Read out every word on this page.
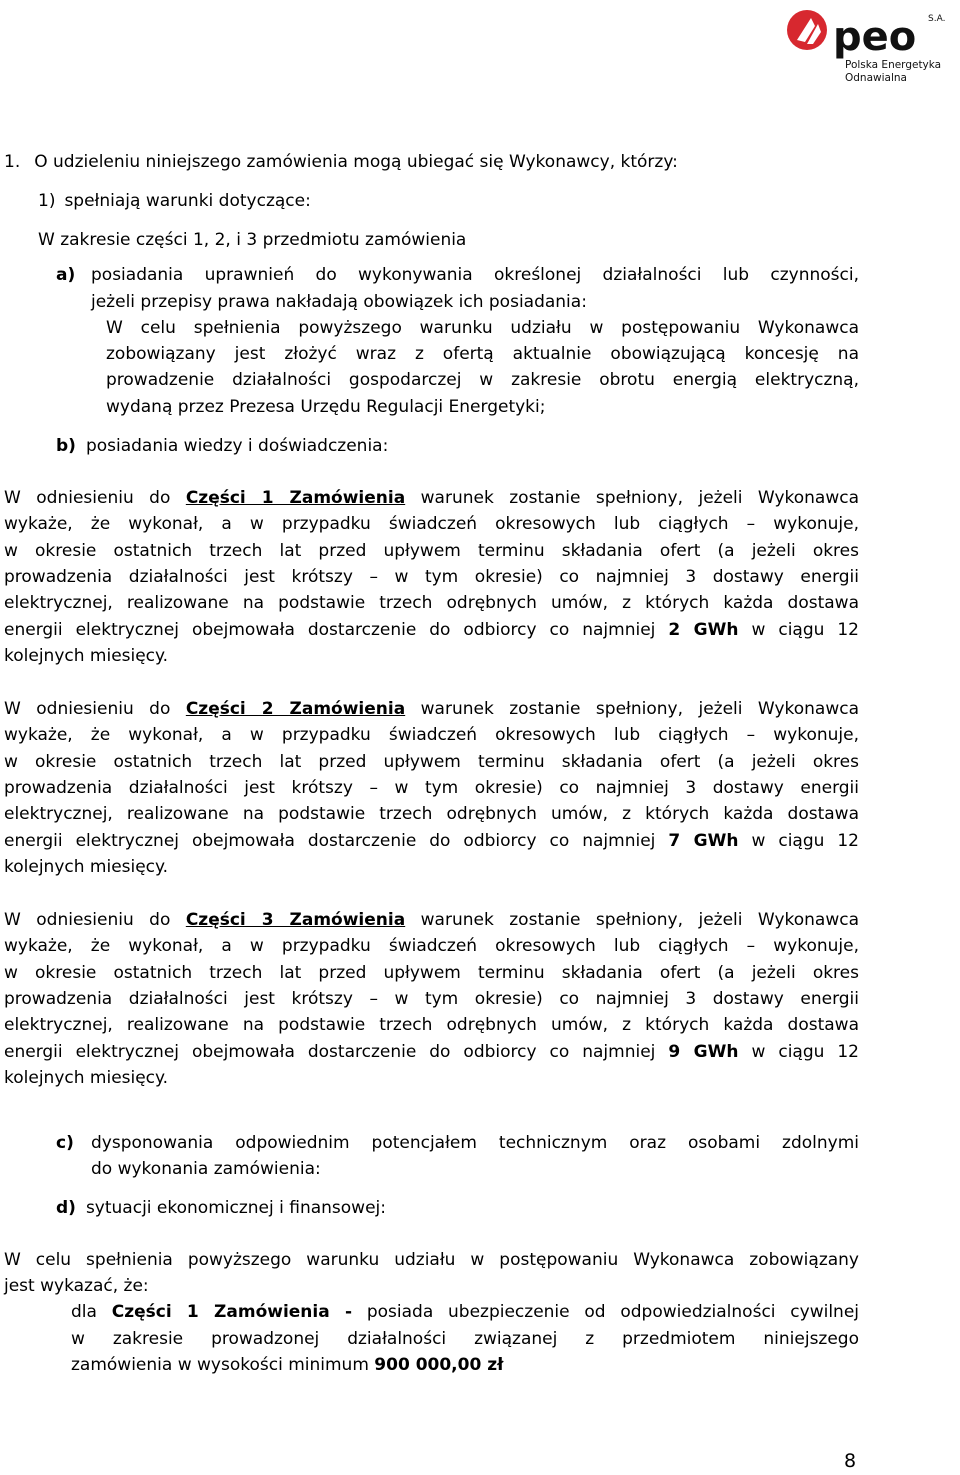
peo S.A.
Polska Energetyka
Odnawialna
1. O udzieleniu niniejszego zamówienia mogą ubiegać się Wykonawcy, którzy:
1) spełniają warunki dotyczące:
W zakresie części 1, 2, i 3 przedmiotu zamówienia
a) posiadania uprawnień do wykonywania określonej działalności lub czynności,
jeżeli przepisy prawa nakładają obowiązek ich posiadania:
W celu spełnienia powyższego warunku udziału w postępowaniu Wykonawca
zobowiązany jest złożyć wraz z ofertą aktualnie obowiązującą koncesję na
prowadzenie działalności gospodarczej w zakresie obrotu energią elektryczną,
wydaną przez Prezesa Urzędu Regulacji Energetyki;
b) posiadania wiedzy i doświadczenia:
W odniesieniu do Części 1 Zamówienia warunek zostanie spełniony, jeżeli Wykonawca
wykaże, że wykonał, a w przypadku świadczeń okresowych lub ciągłych – wykonuje,
w okresie ostatnich trzech lat przed upływem terminu składania ofert (a jeżeli okres
prowadzenia działalności jest krótszy – w tym okresie) co najmniej 3 dostawy energii
elektrycznej, realizowane na podstawie trzech odrębnych umów, z których każda dostawa
energii elektrycznej obejmowała dostarczenie do odbiorcy co najmniej 2 GWh w ciągu 12
kolejnych miesięcy.
W odniesieniu do Części 2 Zamówienia warunek zostanie spełniony, jeżeli Wykonawca
wykaże, że wykonał, a w przypadku świadczeń okresowych lub ciągłych – wykonuje,
w okresie ostatnich trzech lat przed upływem terminu składania ofert (a jeżeli okres
prowadzenia działalności jest krótszy – w tym okresie) co najmniej 3 dostawy energii
elektrycznej, realizowane na podstawie trzech odrębnych umów, z których każda dostawa
energii elektrycznej obejmowała dostarczenie do odbiorcy co najmniej 7 GWh w ciągu 12
kolejnych miesięcy.
W odniesieniu do Części 3 Zamówienia warunek zostanie spełniony, jeżeli Wykonawca
wykaże, że wykonał, a w przypadku świadczeń okresowych lub ciągłych – wykonuje,
w okresie ostatnich trzech lat przed upływem terminu składania ofert (a jeżeli okres
prowadzenia działalności jest krótszy – w tym okresie) co najmniej 3 dostawy energii
elektrycznej, realizowane na podstawie trzech odrębnych umów, z których każda dostawa
energii elektrycznej obejmowała dostarczenie do odbiorcy co najmniej 9 GWh w ciągu 12
kolejnych miesięcy.
c) dysponowania odpowiednim potencjałem technicznym oraz osobami zdolnymi
do wykonania zamówienia:
d) sytuacji ekonomicznej i finansowej:
W celu spełnienia powyższego warunku udziału w postępowaniu Wykonawca zobowiązany
jest wykazać, że:
dla Części 1 Zamówienia - posiada ubezpieczenie od odpowiedzialności cywilnej
w zakresie prowadzonej działalności związanej z przedmiotem niniejszego
zamówienia w wysokości minimum 900 000,00 zł
8
